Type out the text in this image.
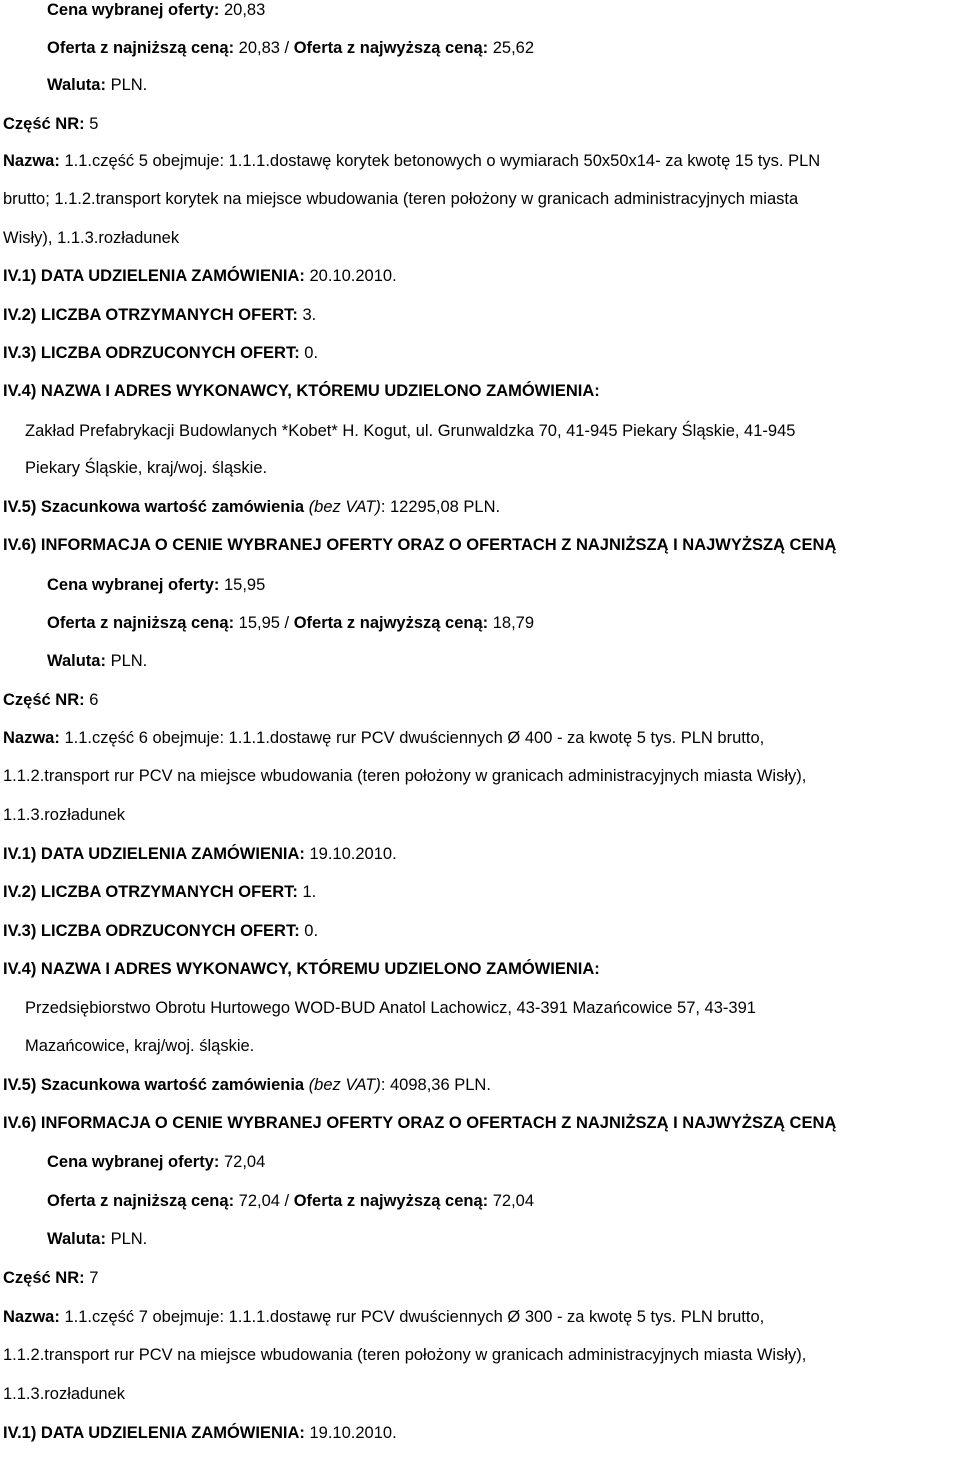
Cena wybranej oferty: 20,83
Oferta z najniższą ceną: 20,83 / Oferta z najwyższą ceną: 25,62
Waluta: PLN.
Część NR: 5
Nazwa: 1.1.część 5 obejmuje: 1.1.1.dostawę korytek betonowych o wymiarach 50x50x14- za kwotę 15 tys. PLN
brutto; 1.1.2.transport korytek na miejsce wbudowania (teren położony w granicach administracyjnych miasta
Wisły), 1.1.3.rozładunek
IV.1) DATA UDZIELENIA ZAMÓWIENIA: 20.10.2010.
IV.2) LICZBA OTRZYMANYCH OFERT: 3.
IV.3) LICZBA ODRZUCONYCH OFERT: 0.
IV.4) NAZWA I ADRES WYKONAWCY, KTÓREMU UDZIELONO ZAMÓWIENIA:
Zakład Prefabrykacji Budowlanych *Kobet* H. Kogut, ul. Grunwaldzka 70, 41-945 Piekary Śląskie, 41-945
Piekary Śląskie, kraj/woj. śląskie.
IV.5) Szacunkowa wartość zamówienia (bez VAT): 12295,08 PLN.
IV.6) INFORMACJA O CENIE WYBRANEJ OFERTY ORAZ O OFERTACH Z NAJNIŻSZĄ I NAJWYŻSZĄ CENĄ
Cena wybranej oferty: 15,95
Oferta z najniższą ceną: 15,95 / Oferta z najwyższą ceną: 18,79
Waluta: PLN.
Część NR: 6
Nazwa: 1.1.część 6 obejmuje: 1.1.1.dostawę rur PCV dwuściennych Ø 400 - za kwotę 5 tys. PLN brutto,
1.1.2.transport rur PCV na miejsce wbudowania (teren położony w granicach administracyjnych miasta Wisły),
1.1.3.rozładunek
IV.1) DATA UDZIELENIA ZAMÓWIENIA: 19.10.2010.
IV.2) LICZBA OTRZYMANYCH OFERT: 1.
IV.3) LICZBA ODRZUCONYCH OFERT: 0.
IV.4) NAZWA I ADRES WYKONAWCY, KTÓREMU UDZIELONO ZAMÓWIENIA:
Przedsiębiorstwo Obrotu Hurtowego WOD-BUD Anatol Lachowicz, 43-391 Mazańcowice 57, 43-391
Mazańcowice, kraj/woj. śląskie.
IV.5) Szacunkowa wartość zamówienia (bez VAT): 4098,36 PLN.
IV.6) INFORMACJA O CENIE WYBRANEJ OFERTY ORAZ O OFERTACH Z NAJNIŻSZĄ I NAJWYŻSZĄ CENĄ
Cena wybranej oferty: 72,04
Oferta z najniższą ceną: 72,04 / Oferta z najwyższą ceną: 72,04
Waluta: PLN.
Część NR: 7
Nazwa: 1.1.część 7 obejmuje: 1.1.1.dostawę rur PCV dwuściennych Ø 300 - za kwotę 5 tys. PLN brutto,
1.1.2.transport rur PCV na miejsce wbudowania (teren położony w granicach administracyjnych miasta Wisły),
1.1.3.rozładunek
IV.1) DATA UDZIELENIA ZAMÓWIENIA: 19.10.2010.
